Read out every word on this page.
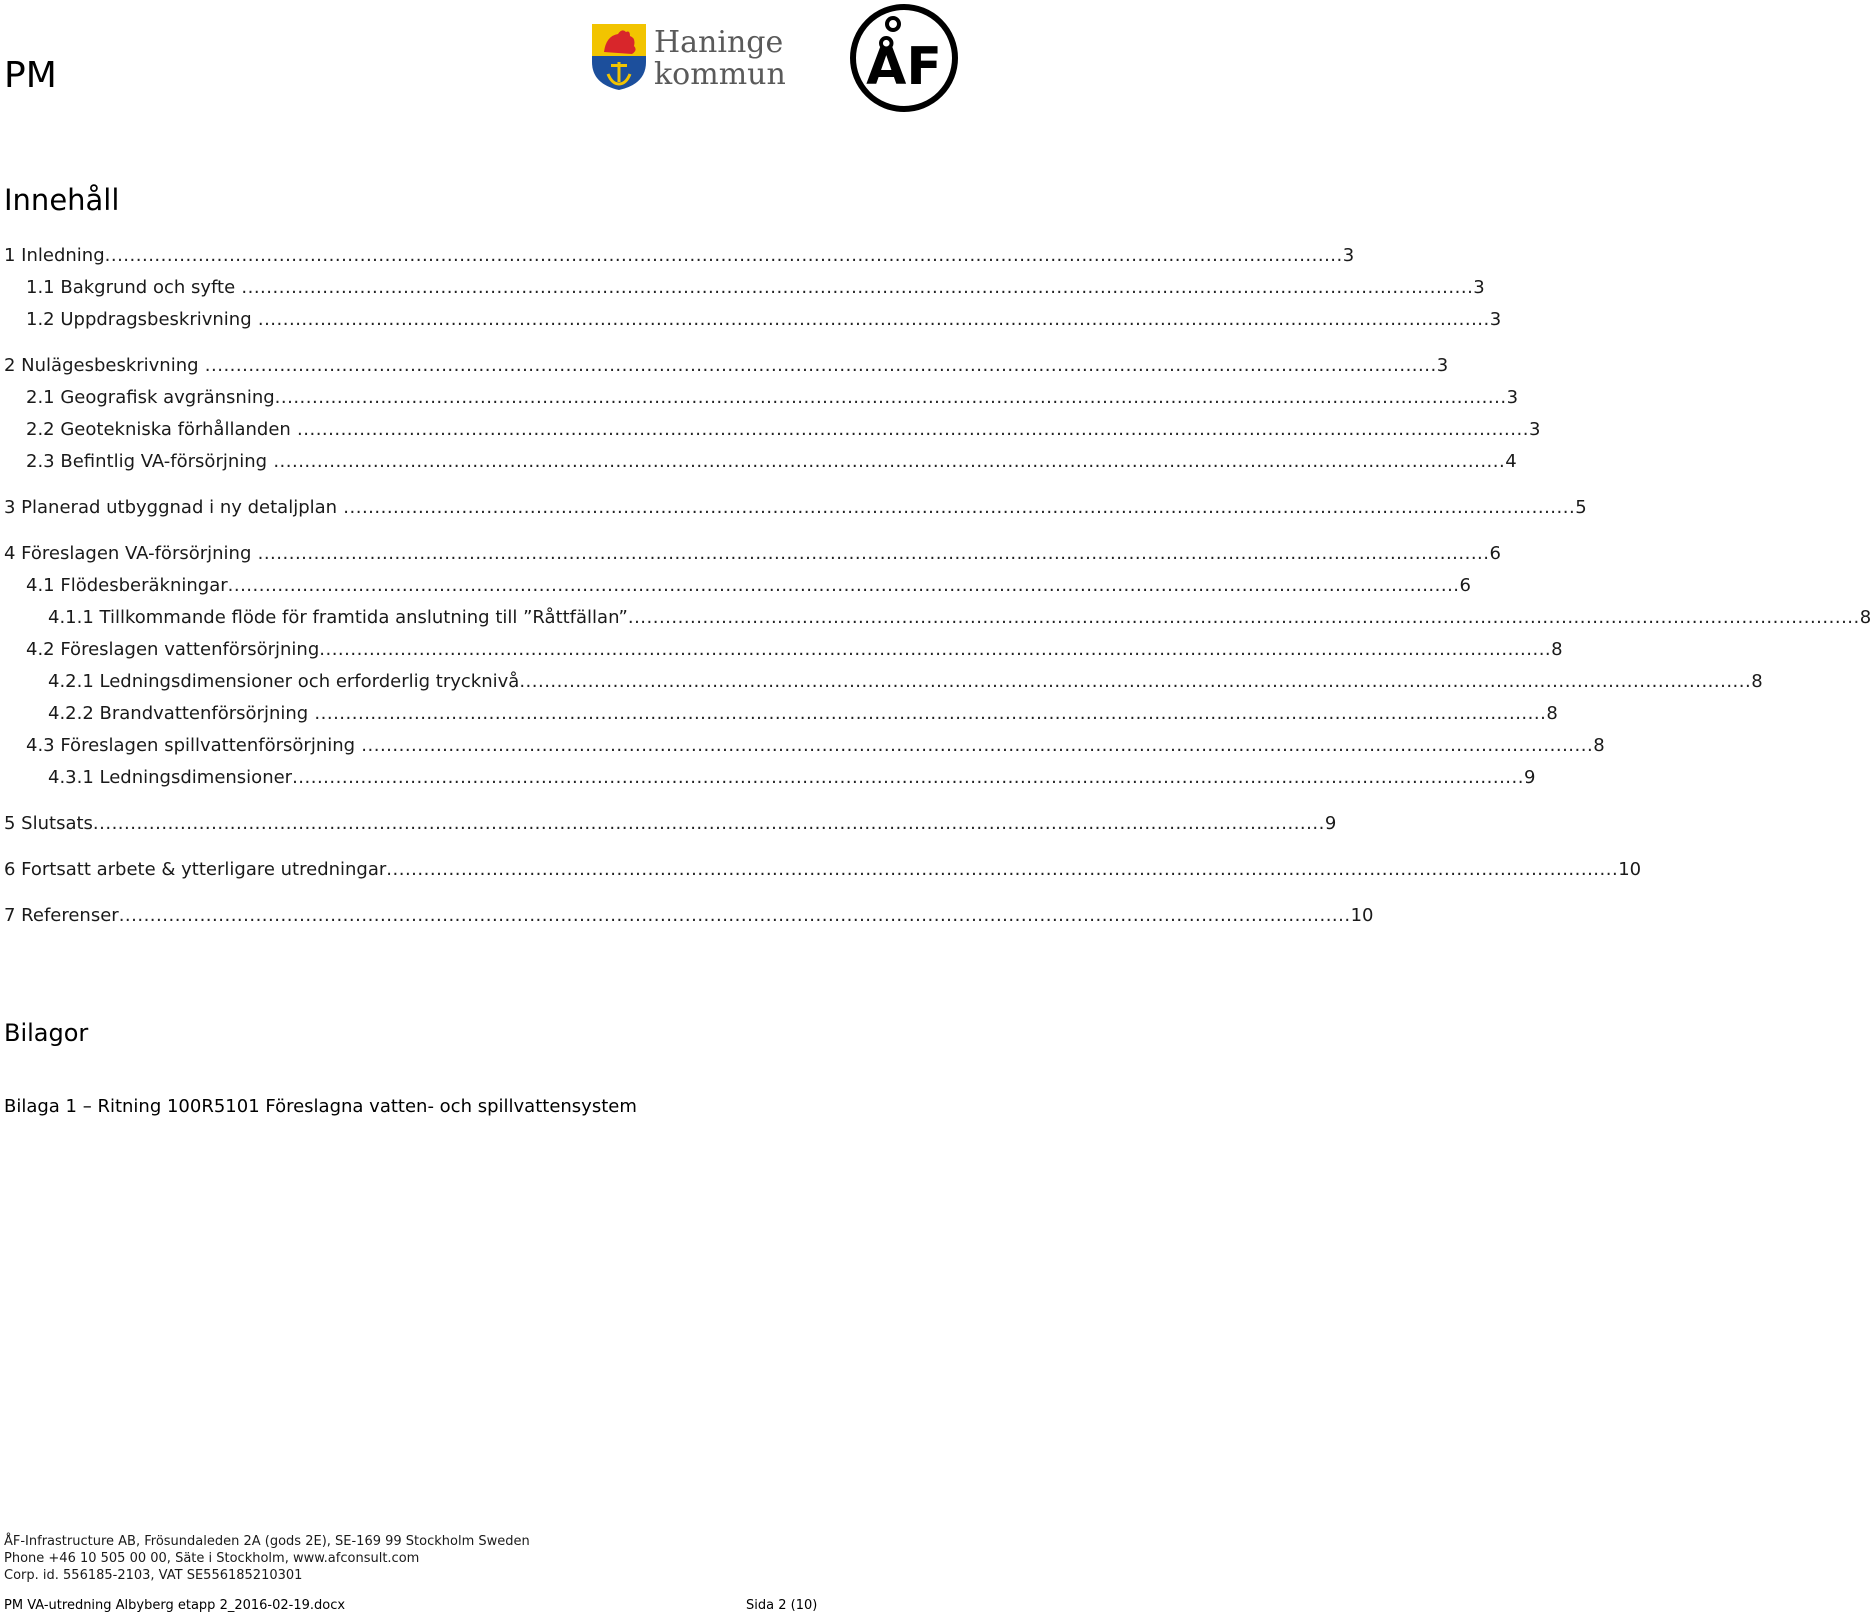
PM
Haninge
kommun ÅF
Innehåll
1 Inledning ....................................................................................................................................................................................................... 3
1.1 Bakgrund och syfte ...................................................................................................................................................................................................... 3
1.2 Uppdragsbeskrivning ...................................................................................................................................................................................................... 3
2 Nulägesbeskrivning ...................................................................................................................................................................................................... 3
2.1 Geografisk avgränsning ...................................................................................................................................................................................................... 3
2.2 Geotekniska förhållanden ...................................................................................................................................................................................................... 3
2.3 Befintlig VA-försörjning ...................................................................................................................................................................................................... 4
3 Planerad utbyggnad i ny detaljplan ...................................................................................................................................................................................................... 5
4 Föreslagen VA-försörjning ...................................................................................................................................................................................................... 6
4.1 Flödesberäkningar ...................................................................................................................................................................................................... 6
4.1.1 Tillkommande flöde för framtida anslutning till ”Råttfällan” ...................................................................................................................................................................................................... 8
4.2 Föreslagen vattenförsörjning ...................................................................................................................................................................................................... 8
4.2.1 Ledningsdimensioner och erforderlig trycknivå ...................................................................................................................................................................................................... 8
4.2.2 Brandvattenförsörjning ...................................................................................................................................................................................................... 8
4.3 Föreslagen spillvattenförsörjning ...................................................................................................................................................................................................... 8
4.3.1 Ledningsdimensioner ...................................................................................................................................................................................................... 9
5 Slutsats ...................................................................................................................................................................................................... 9
6 Fortsatt arbete & ytterligare utredningar ...................................................................................................................................................................................................... 10
7 Referenser ...................................................................................................................................................................................................... 10
Bilagor
Bilaga 1 – Ritning 100R5101 Föreslagna vatten- och spillvattensystem
ÅF-Infrastructure AB, Frösundaleden 2A (gods 2E), SE-169 99 Stockholm Sweden
Phone +46 10 505 00 00, Säte i Stockholm, www.afconsult.com
Corp. id. 556185-2103, VAT SE556185210301
PM VA-utredning Albyberg etapp 2_2016-02-19.docx	Sida 2 (10)
